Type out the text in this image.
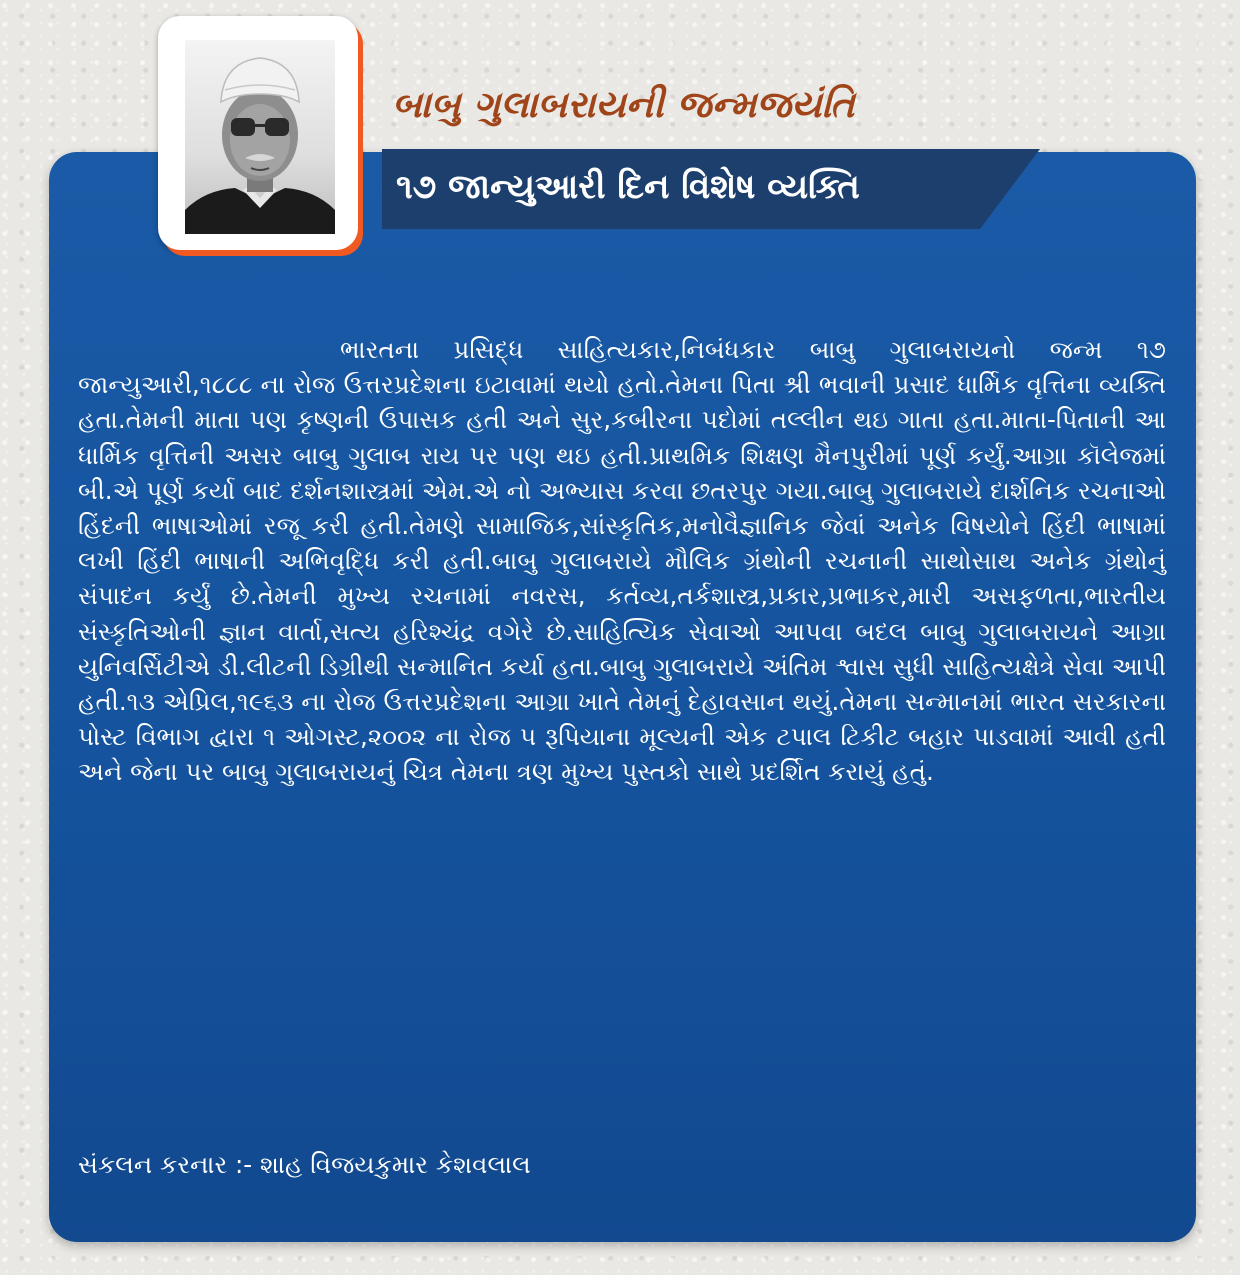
બાબુ ગુલાબરાયની જન્મજયંતિ
૧૭ જાન્યુઆરી દિન વિશેષ વ્યક્તિ
ભારતના પ્રસિદ્ધ સાહિત્યકાર,નિબંધકાર બાબુ ગુલાબરાયનો જન્મ ૧૭ જાન્યુઆરી,૧૮૮૮ ના રોજ ઉત્તરપ્રદેશના ઇટાવામાં થયો હતો.તેમના પિતા શ્રી ભવાની પ્રસાદ ધાર્મિક વૃત્તિના વ્યક્તિ હતા.તેમની માતા પણ કૃષ્ણની ઉપાસક હતી અને સુર,કબીરના પદોમાં તલ્લીન થઇ ગાતા હતા.માતા-પિતાની આ ધાર્મિક વૃત્તિની અસર બાબુ ગુલાબ રાય પર પણ થઇ હતી.પ્રાથમિક શિક્ષણ મૈનપુરીમાં પૂર્ણ કર્યું.આગ્રા કૉલેજમાં બી.એ પૂર્ણ કર્યા બાદ દર્શનશાસ્ત્રમાં એમ.એ નો અભ્યાસ કરવા છતરપુર ગયા.બાબુ ગુલાબરાયે દાર્શનિક રચનાઓ હિંદની ભાષાઓમાં રજૂ કરી હતી.તેમણે સામાજિક,સાંસ્કૃતિક,મનોવૈજ્ઞાનિક જેવાં અનેક વિષયોને હિંદી ભાષામાં લખી હિંદી ભાષાની અભિવૃદ્ધિ કરી હતી.બાબુ ગુલાબરાયે મૌલિક ગ્રંથોની રચનાની સાથોસાથ અનેક ગ્રંથોનું સંપાદન કર્યું છે.તેમની મુખ્ય રચનામાં નવરસ, કર્તવ્ય,તર્કશાસ્ત્ર,પ્રકાર,પ્રભાકર,મારી અસફળતા,ભારતીય સંસ્કૃતિઓની જ્ઞાન વાર્તા,સત્ય હરિશ્ચંદ્ર વગેરે છે.સાહિત્યિક સેવાઓ આપવા બદલ બાબુ ગુલાબરાયને આગ્રા યુનિવર્સિટીએ ડી.લીટની ડિગ્રીથી સન્માનિત કર્યા હતા.બાબુ ગુલાબરાયે અંતિમ શ્વાસ સુધી સાહિત્યક્ષેત્રે સેવા આપી હતી.૧૩ એપ્રિલ,૧૯૬૩ ના રોજ ઉત્તરપ્રદેશના આગ્રા ખાતે તેમનું દેહાવસાન થયું.તેમના સન્માનમાં ભારત સરકારના પોસ્ટ વિભાગ દ્વારા ૧ ઓગસ્ટ,૨૦૦૨ ના રોજ ૫ રૂપિયાના મૂલ્યની એક ટપાલ ટિકીટ બહાર પાડવામાં આવી હતી અને જેના પર બાબુ ગુલાબરાયનું ચિત્ર તેમના ત્રણ મુખ્ય પુસ્તકો સાથે પ્રદર્શિત કરાયું હતું.
સંકલન કરનાર :- શાહ વિજયકુમાર કેશવલાલ
